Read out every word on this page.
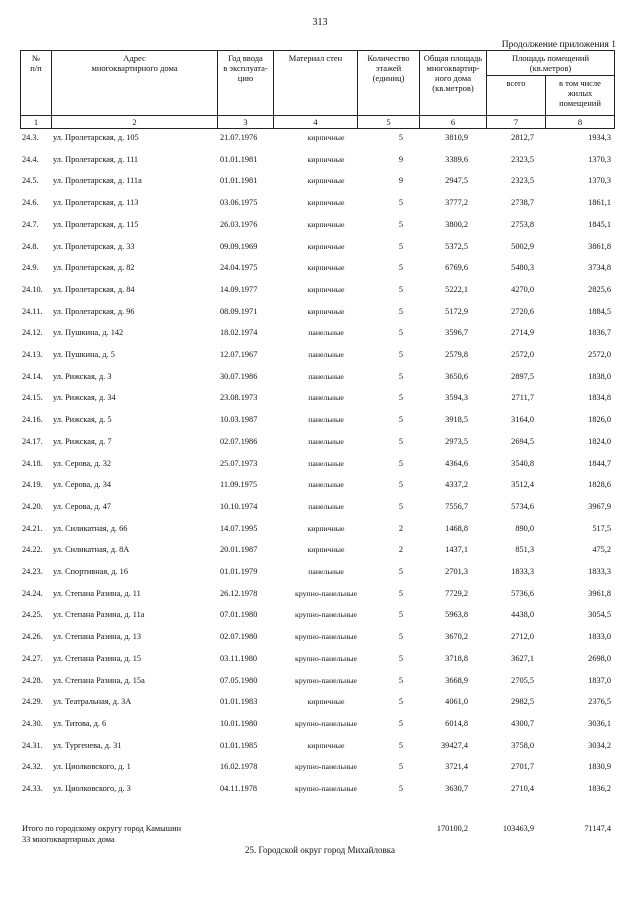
313
Продолжение приложения 1
№
п/п	Адрес
многоквартирного дома	Год ввода
в эксплуата-
цию	Материал стен	Количество
этажей
(единиц)	Общая площадь
многоквартир-
ного дома
(кв.метров)	Площадь помещений
(кв.метров)	
						всего	в том числе
жилых
помещений
1	2	3	4	5	6	7	8
24.3. ул. Пролетарская, д. 105	21.07.1976	кирпичные	5	3810,9	2812,7	1934,3
24.4. ул. Пролетарская, д. 111	01.01.1981	кирпичные	9	3389,6	2323,5	1370,3
24.5. ул. Пролетарская, д. 111а	01.01.1981	кирпичные	9	2947,5	2323,5	1370,3
24.6. ул. Пролетарская, д. 113	03.06.1975	кирпичные	5	3777,2	2738,7	1861,1
24.7. ул. Пролетарская, д. 115	26.03.1976	кирпичные	5	3800,2	2753,8	1845,1
24.8. ул. Пролетарская, д. 33	09.09.1969	кирпичные	5	5372,5	5002,9	3861,8
24.9. ул. Пролетарская, д. 82	24.04.1975	кирпичные	5	6769,6	5480,3	3734,8
24.10. ул. Пролетарская, д. 84	14.09.1977	кирпичные	5	5222,1	4270,0	2825,6
24.11. ул. Пролетарская, д. 96	08.09.1971	кирпичные	5	5172,9	2720,6	1884,5
24.12. ул. Пушкина, д. 142	18.02.1974	панельные	5	3596,7	2714,9	1836,7
24.13. ул. Пушкина, д. 5	12.07.1967	панельные	5	2579,8	2572,0	2572,0
24.14. ул. Рижская, д. 3	30.07.1986	панельные	5	3650,6	2897,5	1838,0
24.15. ул. Рижская, д. 34	23.08.1973	панельные	5	3594,3	2711,7	1834,8
24.16. ул. Рижская, д. 5	10.03.1987	панельные	5	3918,5	3164,0	1826,0
24.17. ул. Рижская, д. 7	02.07.1986	панельные	5	2973,5	2694,5	1824,0
24.18. ул. Серова, д. 32	25.07.1973	панельные	5	4364,6	3540,8	1844,7
24.19. ул. Серова, д. 34	11.09.1975	панельные	5	4337,2	3512,4	1828,6
24.20. ул. Серова, д. 47	10.10.1974	панельные	5	7556,7	5734,6	3967,9
24.21. ул. Силикатная, д. 66	14.07.1995	кирпичные	2	1468,8	890,0	517,5
24.22. ул. Силикатная, д. 8А	20.01.1987	кирпичные	2	1437,1	851,3	475,2
24.23. ул. Спортивная, д. 16	01.01.1979	панельные	5	2701,3	1833,3	1833,3
24.24. ул. Степана Разина, д. 11	26.12.1978	крупно-панельные	5	7729,2	5736,6	3961,8
24.25. ул. Степана Разина, д. 11а	07.01.1980	крупно-панельные	5	5963,8	4438,0	3054,5
24.26. ул. Степана Разина, д. 13	02.07.1980	крупно-панельные	5	3670,2	2712,0	1833,0
24.27. ул. Степана Разина, д. 15	03.11.1980	крупно-панельные	5	3718,8	3627,1	2698,0
24.28. ул. Степана Разина, д. 15а	07.05.1980	крупно-панельные	5	3668,9	2705,5	1837,0
24.29. ул. Театральная, д. 3А	01.01.1983	кирпичные	5	4061,0	2982,5	2376,5
24.30. ул. Титова, д. 6	10.01.1980	крупно-панельные	5	6014,8	4300,7	3036,1
24.31. ул. Тургенева, д. 31	01.01.1985	кирпичные	5	39427,4	3758,0	3034,2
24.32. ул. Циолковского, д. 1	16.02.1978	крупно-панельные	5	3721,4	2701,7	1830,9
24.33. ул. Циолковского, д. 3	04.11.1978	крупно-панельные	5	3630,7	2710,4	1836,2
Итого по городскому округу город Камышин
33 многоквартирных дома
170100,2	103463,9	71147,4
25. Городской округ город Михайловка
